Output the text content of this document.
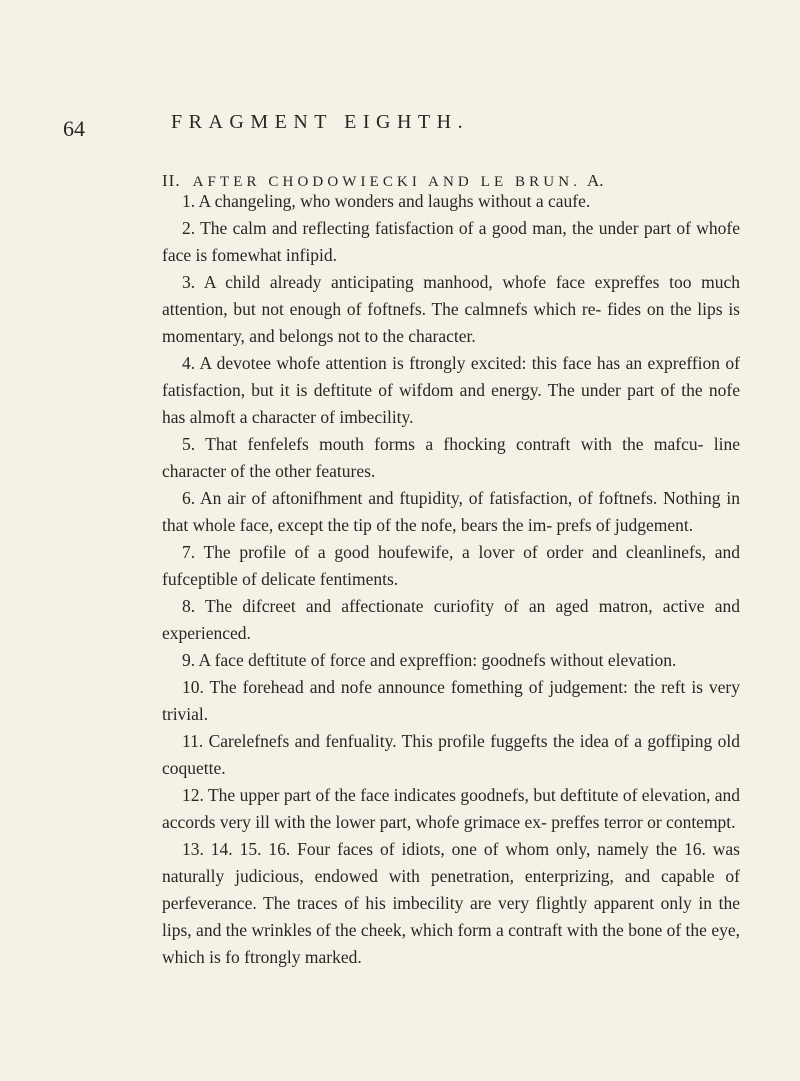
64	FRAGMENT EIGHTH.
II. AFTER CHODOWIECKI AND LE BRUN. A.

1. A changeling, who wonders and laughs without a caufe.

2. The calm and reflecting fatisfaction of a good man, the under part of whofe face is fomewhat infipid.

3. A child already anticipating manhood, whofe face expreffes too much attention, but not enough of foftnefs. The calmnefs which re- fides on the lips is momentary, and belongs not to the character.

4. A devotee whofe attention is ftrongly excited: this face has an expreffion of fatisfaction, but it is deftitute of wifdom and energy. The under part of the nofe has almoft a character of imbecility.

5. That fenfelefs mouth forms a fhocking contraft with the mafcu- line character of the other features.

6. An air of aftonifhment and ftupidity, of fatisfaction, of foftnefs. Nothing in that whole face, except the tip of the nofe, bears the im- prefs of judgement.

7. The profile of a good houfewife, a lover of order and cleanlinefs, and fufceptible of delicate fentiments.

8. The difcreet and affectionate curiofity of an aged matron, active and experienced.

9. A face deftitute of force and expreffion: goodnefs without elevation.

10. The forehead and nofe announce fomething of judgement: the reft is very trivial.

11. Carelefnefs and fenfuality. This profile fuggefts the idea of a goffiping old coquette.

12. The upper part of the face indicates goodnefs, but deftitute of elevation, and accords very ill with the lower part, whofe grimace ex- preffes terror or contempt.

13. 14. 15. 16. Four faces of idiots, one of whom only, namely the 16. was naturally judicious, endowed with penetration, enterprizing, and capable of perfeverance. The traces of his imbecility are very flightly apparent only in the lips, and the wrinkles of the cheek, which form a contraft with the bone of the eye, which is fo ftrongly marked.
